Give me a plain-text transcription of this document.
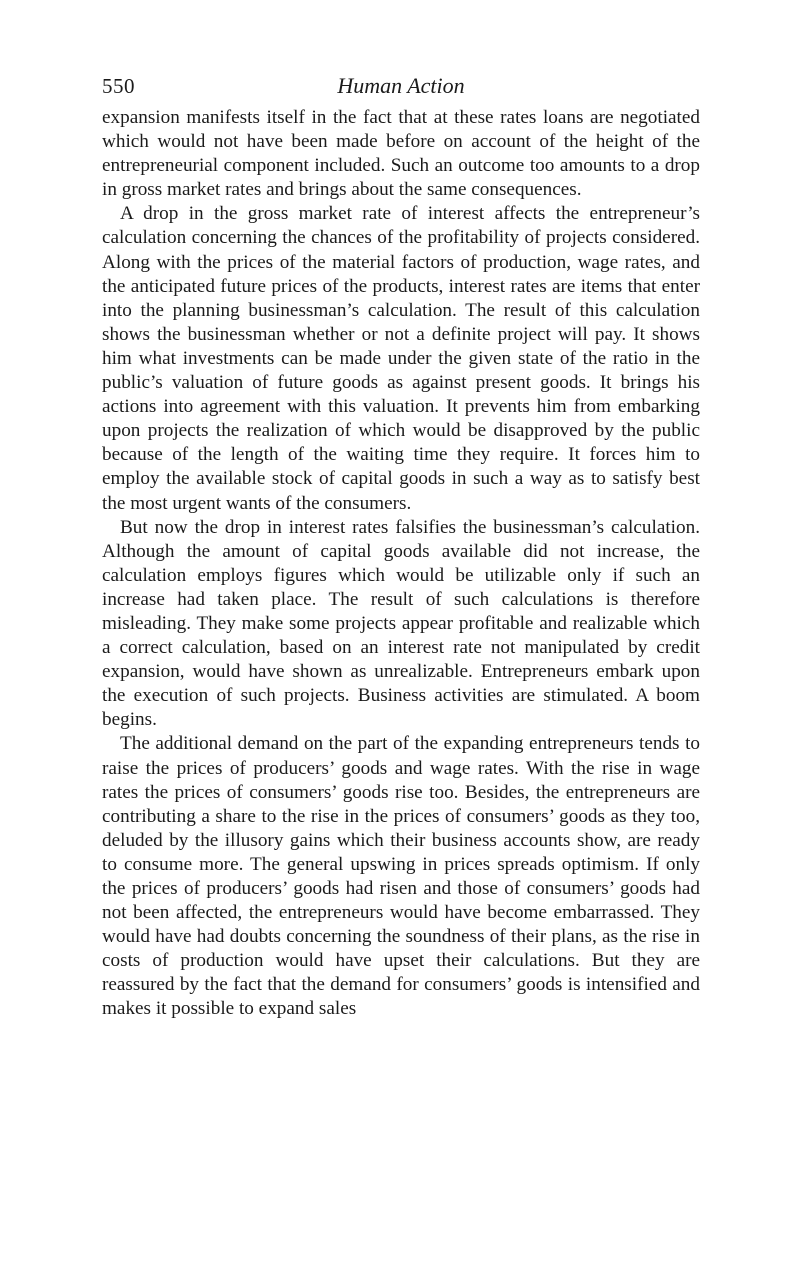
550	Human Action

expansion manifests itself in the fact that at these rates loans are negotiated which would not have been made before on account of the height of the entrepreneurial component included. Such an outcome too amounts to a drop in gross market rates and brings about the same consequences.

A drop in the gross market rate of interest affects the entrepreneur’s calculation concerning the chances of the profitability of projects considered. Along with the prices of the material factors of production, wage rates, and the anticipated future prices of the products, interest rates are items that enter into the planning businessman’s calculation. The result of this calculation shows the businessman whether or not a definite project will pay. It shows him what investments can be made under the given state of the ratio in the public’s valuation of future goods as against present goods. It brings his actions into agreement with this valuation. It prevents him from embarking upon projects the realization of which would be disapproved by the public because of the length of the waiting time they require. It forces him to employ the available stock of capital goods in such a way as to satisfy best the most urgent wants of the consumers.

But now the drop in interest rates falsifies the businessman’s calculation. Although the amount of capital goods available did not increase, the calculation employs figures which would be utilizable only if such an increase had taken place. The result of such calculations is therefore misleading. They make some projects appear profitable and realizable which a correct calculation, based on an interest rate not manipulated by credit expansion, would have shown as unrealizable. Entrepreneurs embark upon the execution of such projects. Business activities are stimulated. A boom begins.

The additional demand on the part of the expanding entrepreneurs tends to raise the prices of producers’ goods and wage rates. With the rise in wage rates the prices of consumers’ goods rise too. Besides, the entrepreneurs are contributing a share to the rise in the prices of consumers’ goods as they too, deluded by the illusory gains which their business accounts show, are ready to consume more. The general upswing in prices spreads optimism. If only the prices of producers’ goods had risen and those of consumers’ goods had not been affected, the entrepreneurs would have become embarrassed. They would have had doubts concerning the soundness of their plans, as the rise in costs of production would have upset their calculations. But they are reassured by the fact that the demand for consumers’ goods is intensified and makes it possible to expand sales
